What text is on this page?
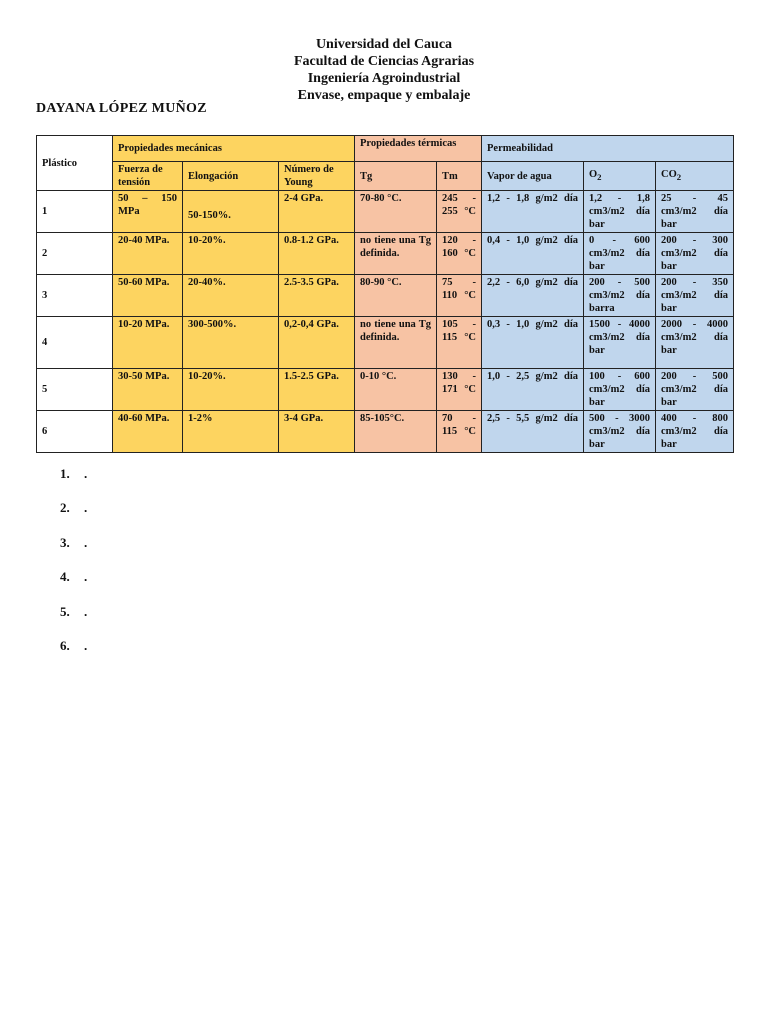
Universidad del Cauca
Facultad de Ciencias Agrarias
Ingeniería Agroindustrial
Envase, empaque y embalaje
DAYANA LÓPEZ MUÑOZ
Plástico	Propiedades mecánicas			Propiedades térmicas		Permeabilidad		
	Fuerza de tensión	Elongación	Número de Young	Tg	Tm	Vapor de agua	$O_2$	$CO_2$
1	50 – 150 MPa	50-150%.	2-4 GPa.	70-80 °C.	245 - 255 °C	1,2 - 1,8 g/m2 día	1,2 - 1,8 cm3/m2 día bar	25 - 45 cm3/m2 día bar
2	20-40 MPa.	10-20%.	0.8-1.2 GPa.	no tiene una Tg definida.	120 - 160 °C	0,4 - 1,0 g/m2 día	0 - 600 cm3/m2 día bar	200 - 300 cm3/m2 día bar
3	50-60 MPa.	20-40%.	2.5-3.5 GPa.	80-90 °C.	75 - 110 °C	2,2 - 6,0 g/m2 día	200 - 500 cm3/m2 día barra	200 - 350 cm3/m2 día bar
4	10-20 MPa.	300-500%.	0,2-0,4 GPa.	no tiene una Tg definida.	105 - 115 °C	0,3 - 1,0 g/m2 día	1500 - 4000 cm3/m2 día bar	2000 - 4000 cm3/m2 día bar
5	30-50 MPa.	10-20%.	1.5-2.5 GPa.	0-10 °C.	130 - 171 °C	1,0 - 2,5 g/m2 día	100 - 600 cm3/m2 día bar	200 - 500 cm3/m2 día bar
6	40-60 MPa.	1-2%	3-4 GPa.	85-105°C.	70 - 115 °C	2,5 - 5,5 g/m2 día	500 - 3000 cm3/m2 día bar	400 - 800 cm3/m2 día bar
1.	.
2.	.
3.	.
4.	.
5.	.
6.	.
